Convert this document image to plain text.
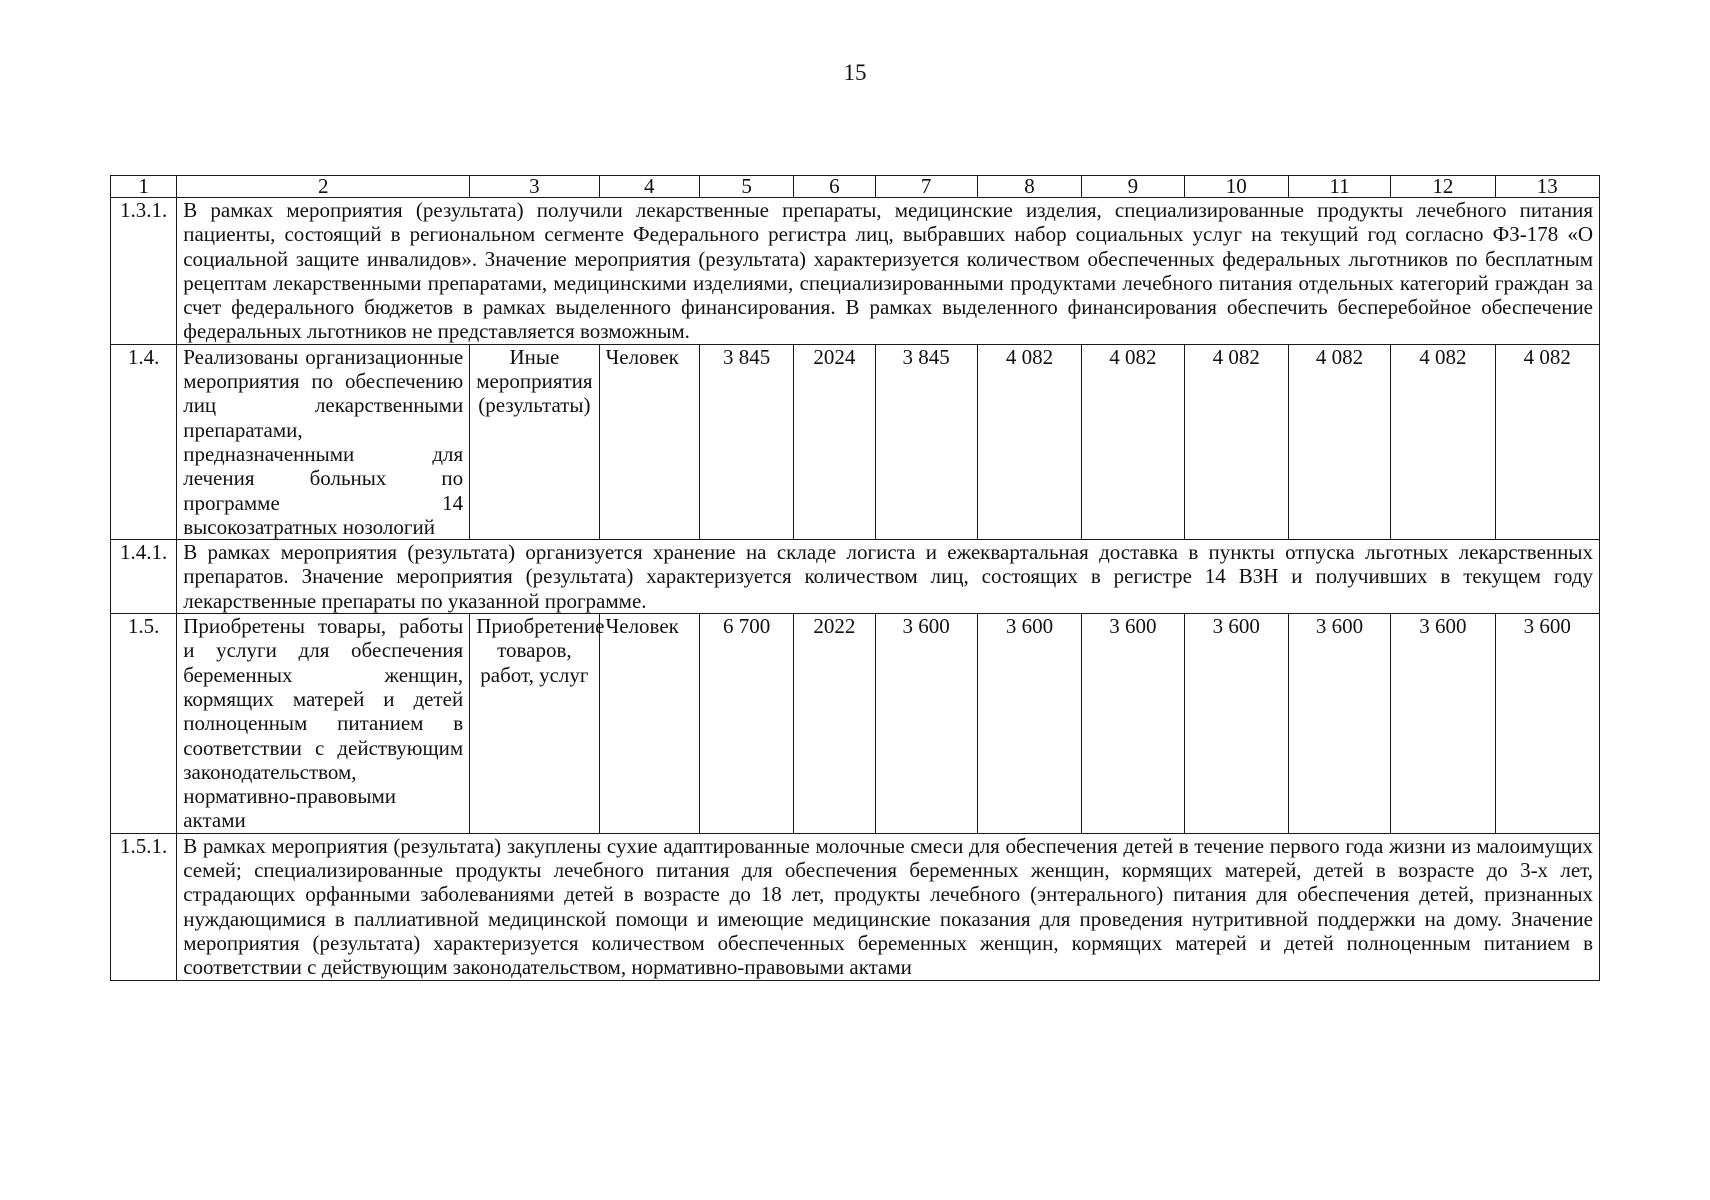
15
1	2	3	4	5	6	7	8	9	10	11	12	13
1.3.1.	В рамках мероприятия (результата) получили лекарственные препараты, медицинские изделия, специализированные продукты лечебного питания пациенты, состоящий в региональном сегменте Федерального регистра лиц, выбравших набор социальных услуг на текущий год согласно ФЗ-178 «О социальной защите инвалидов». Значение мероприятия (результата) характеризуется количеством обеспеченных федеральных льготников по бесплатным рецептам лекарственными препаратами, медицинскими изделиями, специализированными продуктами лечебного питания отдельных категорий граждан за счет федерального бюджетов в рамках выделенного финансирования. В рамках выделенного финансирования обеспечить бесперебойное обеспечение федеральных льготников не представляется возможным.											
1.4.	Реализованы организационные мероприятия по обеспечению лиц лекарственными препаратами, предназначенными для лечения больных по программе 14 высокозатратных нозологий	Иные мероприятия (результаты)	Человек	3 845	2024	3 845	4 082	4 082	4 082	4 082	4 082	4 082
1.4.1.	В рамках мероприятия (результата) организуется хранение на складе логиста и ежеквартальная доставка в пункты отпуска льготных лекарственных препаратов. Значение мероприятия (результата) характеризуется количеством лиц, состоящих в регистре 14 ВЗН и получивших в текущем году лекарственные препараты по указанной программе.											
1.5.	Приобретены товары, работы и услуги для обеспечения беременных женщин, кормящих матерей и детей полноценным питанием в соответствии с действующим законодательством, нормативно-правовыми актами	Приобретение товаров, работ, услуг	Человек	6 700	2022	3 600	3 600	3 600	3 600	3 600	3 600	3 600
1.5.1.	В рамках мероприятия (результата) закуплены сухие адаптированные молочные смеси для обеспечения детей в течение первого года жизни из малоимущих семей; специализированные продукты лечебного питания для обеспечения беременных женщин, кормящих матерей, детей в возрасте до 3-х лет, страдающих орфанными заболеваниями детей в возрасте до 18 лет, продукты лечебного (энтерального) питания для обеспечения детей, признанных нуждающимися в паллиативной медицинской помощи и имеющие медицинские показания для проведения нутритивной поддержки на дому. Значение мероприятия (результата) характеризуется количеством обеспеченных беременных женщин, кормящих матерей и детей полноценным питанием в соответствии с действующим законодательством, нормативно-правовыми актами											
